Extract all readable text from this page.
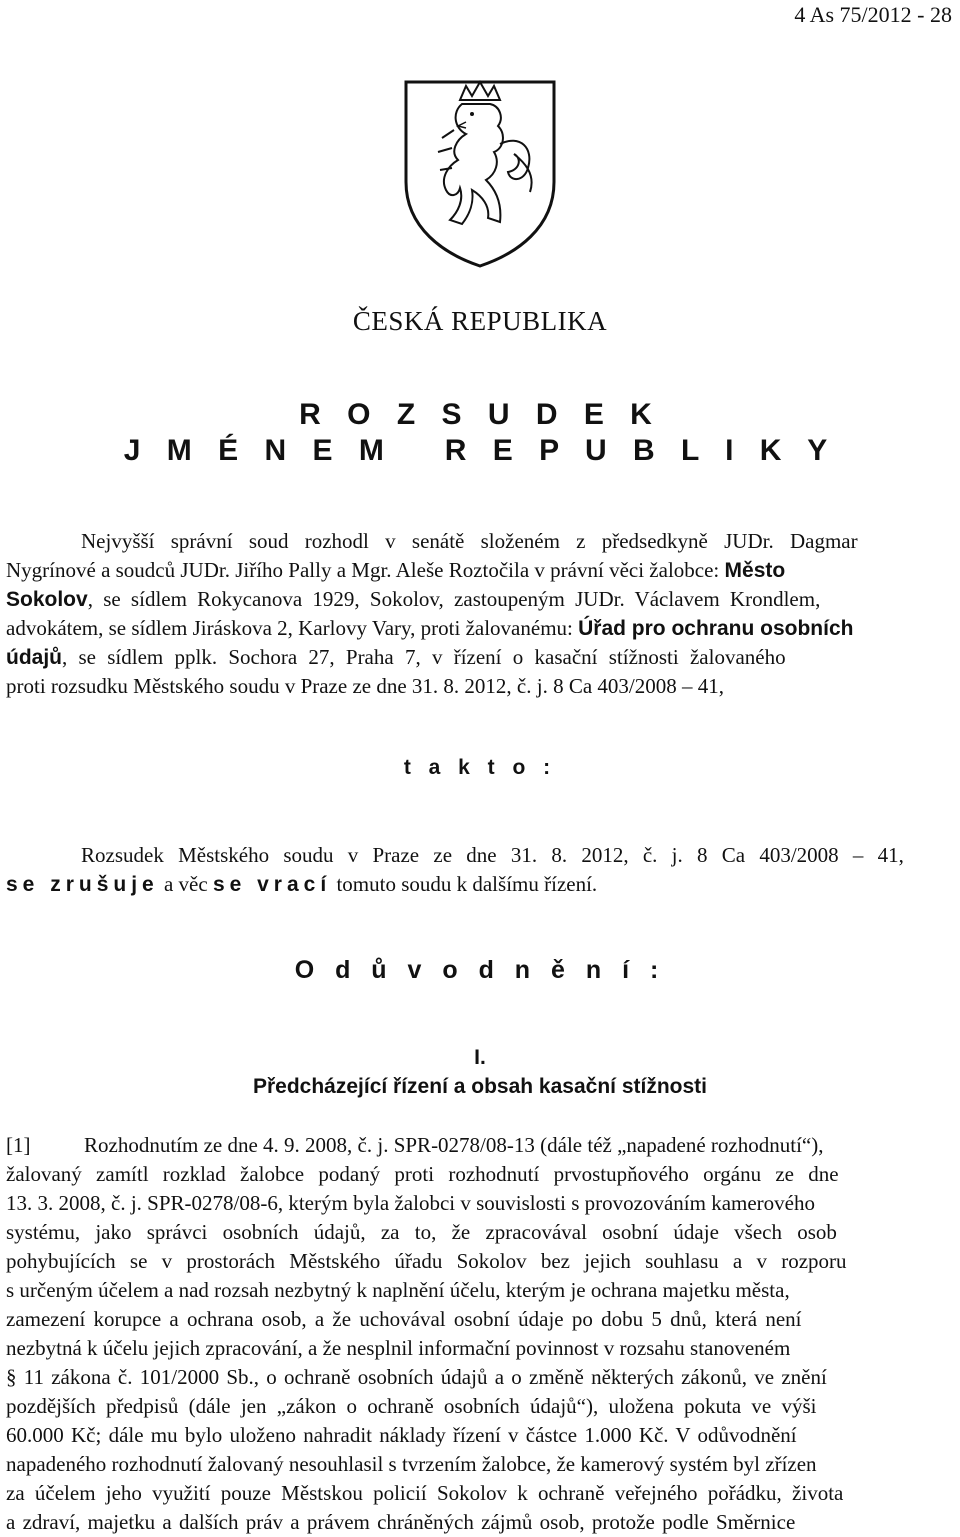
4 As 75/2012 - 28
ČESKÁ REPUBLIKA
R O Z S U D E K
J M É N E M   R E P U B L I K Y
Nejvyšší správní soud rozhodl v senátě složeném z předsedkyně JUDr. Dagmar
Nygrínové a soudců JUDr. Jiřího Pally a Mgr. Aleše Roztočila v právní věci žalobce: Město
Sokolov, se sídlem Rokycanova 1929, Sokolov, zastoupeným JUDr. Václavem Krondlem,
advokátem, se sídlem Jiráskova 2, Karlovy Vary, proti žalovanému: Úřad pro ochranu osobních
údajů, se sídlem pplk. Sochora 27, Praha 7, v řízení o kasační stížnosti žalovaného
proti rozsudku Městského soudu v Praze ze dne 31. 8. 2012, č. j. 8 Ca 403/2008 – 41,
t a k t o :
Rozsudek Městského soudu v Praze ze dne 31. 8. 2012, č. j. 8 Ca 403/2008 – 41,
se zrušuje a věc se vrací tomuto soudu k dalšímu řízení.
O d ů v o d n ě n í :
I.
Předcházející řízení a obsah kasační stížnosti
[1]	Rozhodnutím ze dne 4. 9. 2008, č. j. SPR-0278/08-13 (dále též „napadené rozhodnutí“),
žalovaný zamítl rozklad žalobce podaný proti rozhodnutí prvostupňového orgánu ze dne
13. 3. 2008, č. j. SPR-0278/08-6, kterým byla žalobci v souvislosti s provozováním kamerového
systému, jako správci osobních údajů, za to, že zpracovával osobní údaje všech osob
pohybujících se v prostorách Městského úřadu Sokolov bez jejich souhlasu a v rozporu
s určeným účelem a nad rozsah nezbytný k naplnění účelu, kterým je ochrana majetku města,
zamezení korupce a ochrana osob, a že uchovával osobní údaje po dobu 5 dnů, která není
nezbytná k účelu jejich zpracování, a že nesplnil informační povinnost v rozsahu stanoveném
§ 11 zákona č. 101/2000 Sb., o ochraně osobních údajů a o změně některých zákonů, ve znění
pozdějších předpisů (dále jen „zákon o ochraně osobních údajů“), uložena pokuta ve výši
60.000 Kč; dále mu bylo uloženo nahradit náklady řízení v částce 1.000 Kč. V odůvodnění
napadeného rozhodnutí žalovaný nesouhlasil s tvrzením žalobce, že kamerový systém byl zřízen
za účelem jeho využití pouze Městskou policií Sokolov k ochraně veřejného pořádku, života
a zdraví, majetku a dalších práv a právem chráněných zájmů osob, protože podle Směrnice
